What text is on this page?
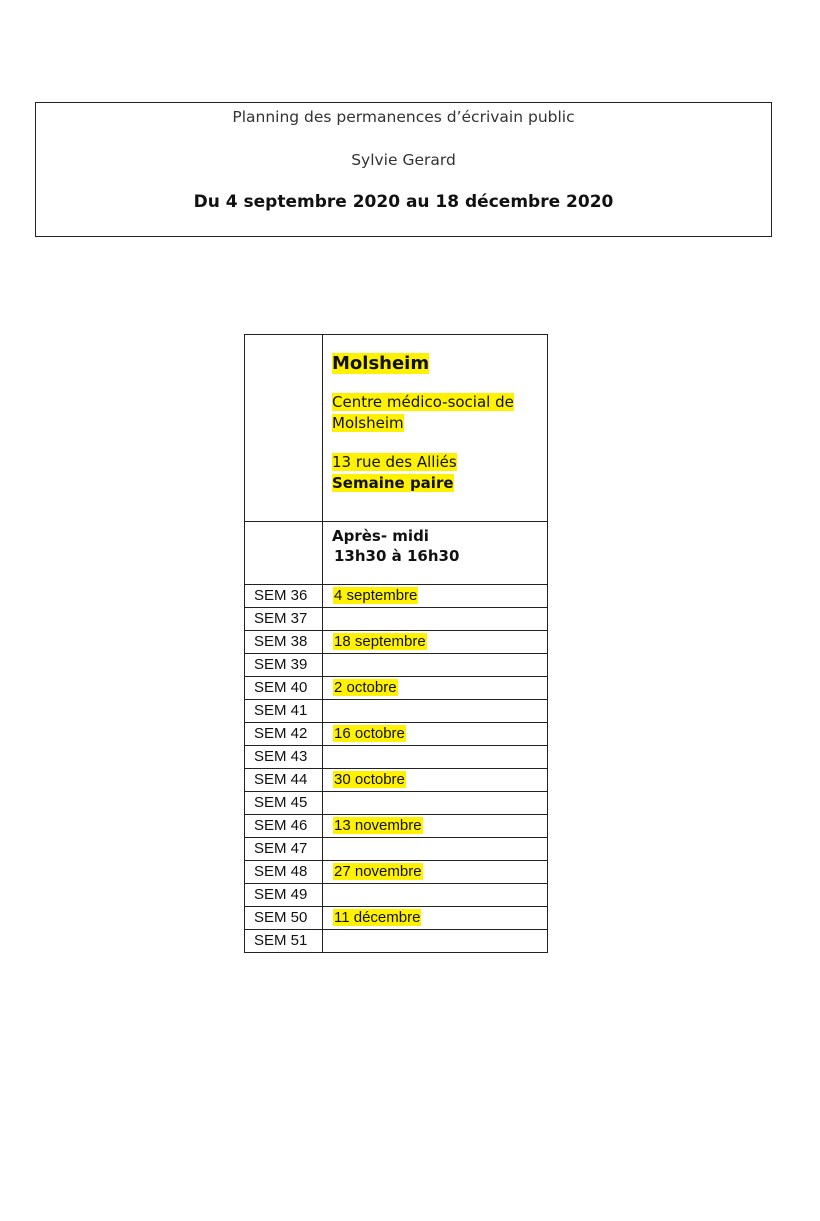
Planning des permanences d’écrivain public
Sylvie Gerard
Du 4 septembre 2020 au 18 décembre 2020

	Molsheim
Centre médico-social de
Molsheim
13 rue des Alliés
Semaine paire

	Après- midi
13h30 à 16h30

SEM 36	4 septembre
SEM 37	
SEM 38	18 septembre
SEM 39	
SEM 40	2 octobre
SEM 41	
SEM 42	16 octobre
SEM 43	
SEM 44	30 octobre
SEM 45	
SEM 46	13 novembre
SEM 47	
SEM 48	27 novembre
SEM 49	
SEM 50	11 décembre
SEM 51	
